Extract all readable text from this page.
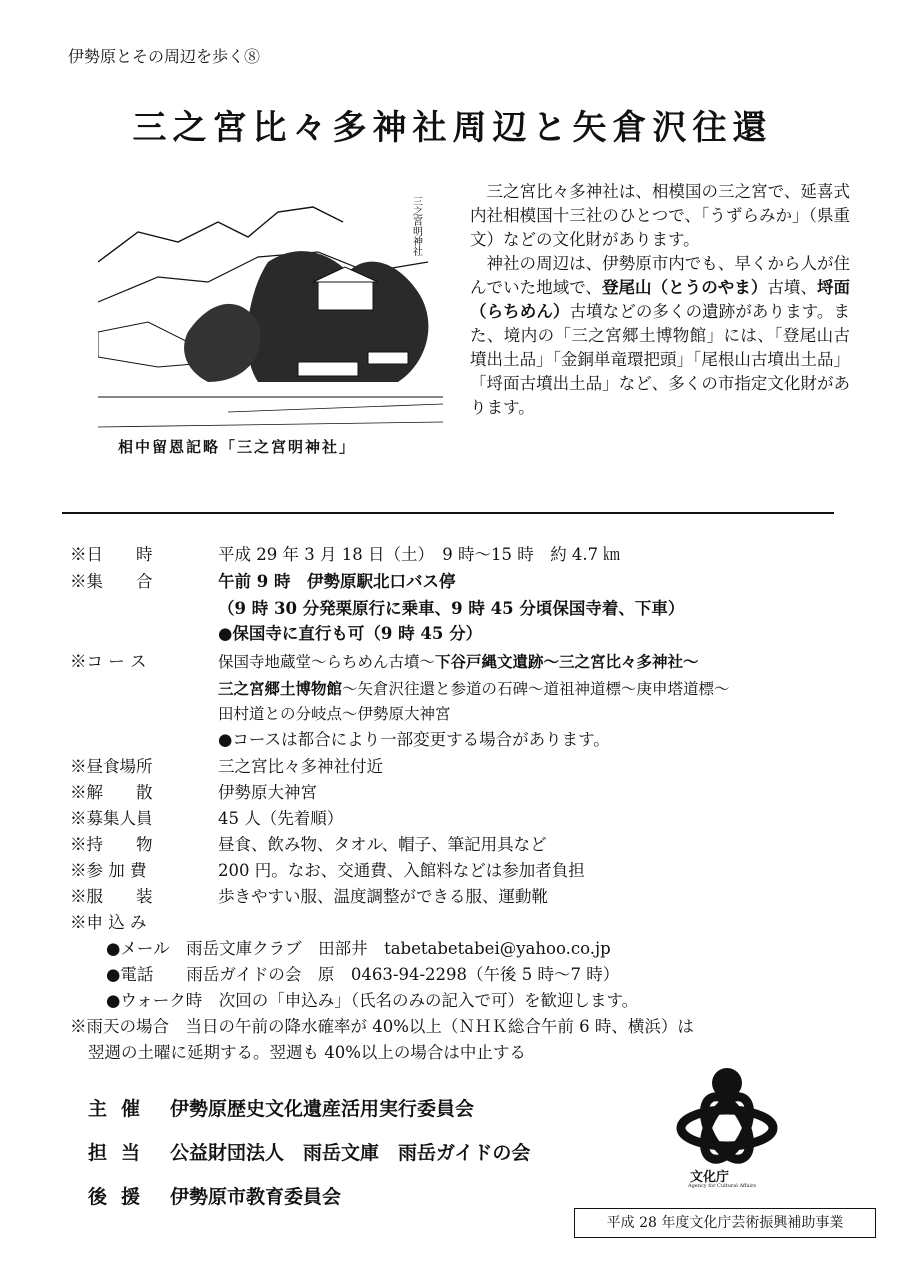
伊勢原とその周辺を歩く⑧
三之宮比々多神社周辺と矢倉沢往還
三之宮明神社
相中留恩記略「三之宮明神社」

三之宮比々多神社は、相模国の三之宮で、延喜式内社相模国十三社のひとつで、「うずらみか」（県重文）などの文化財があります。

神社の周辺は、伊勢原市内でも、早くから人が住んでいた地域で、登尾山（とうのやま）古墳、埒面（らちめん）古墳などの多くの遺跡があります。また、境内の「三之宮郷土博物館」には、「登尾山古墳出土品」「金銅単竜環把頭」「尾根山古墳出土品」「埒面古墳出土品」など、多くの市指定文化財があります。

※日　　時	平成 29 年 3 月 18 日（土）　9 時〜15 時　約 4.7 ㎞
※集　　合	午前 9 時　伊勢原駅北口バス停
（9 時 30 分発栗原行に乗車、9 時 45 分頃保国寺着、下車）
●保国寺に直行も可（9 時 45 分）
※コ ー ス	保国寺地蔵堂〜らちめん古墳〜下谷戸縄文遺跡〜三之宮比々多神社〜
三之宮郷土博物館〜矢倉沢往還と参道の石碑〜道祖神道標〜庚申塔道標〜
田村道との分岐点〜伊勢原大神宮
●コースは都合により一部変更する場合があります。
※昼食場所	三之宮比々多神社付近
※解　　散	伊勢原大神宮
※募集人員	45 人（先着順）
※持　　物	昼食、飲み物、タオル、帽子、筆記用具など
※参 加 費	200 円。なお、交通費、入館料などは参加者負担
※服　　装	歩きやすい服、温度調整ができる服、運動靴
※申 込 み
●メール　雨岳文庫クラブ　田部井　tabetabetabei@yahoo.co.jp
●電話　　雨岳ガイドの会　原　0463-94-2298（午後 5 時〜7 時）
●ウォーク時　次回の「申込み」（氏名のみの記入で可）を歓迎します。
※雨天の場合　当日の午前の降水確率が 40%以上（ＮＨＫ総合午前 6 時、横浜）は
翌週の土曜に延期する。翌週も 40%以上の場合は中止する
主催 伊勢原歴史文化遺産活用実行委員会
担当 公益財団法人　雨岳文庫　雨岳ガイドの会
後援 伊勢原市教育委員会
文化庁
Agency for Cultural Affairs
平成 28 年度文化庁芸術振興補助事業
